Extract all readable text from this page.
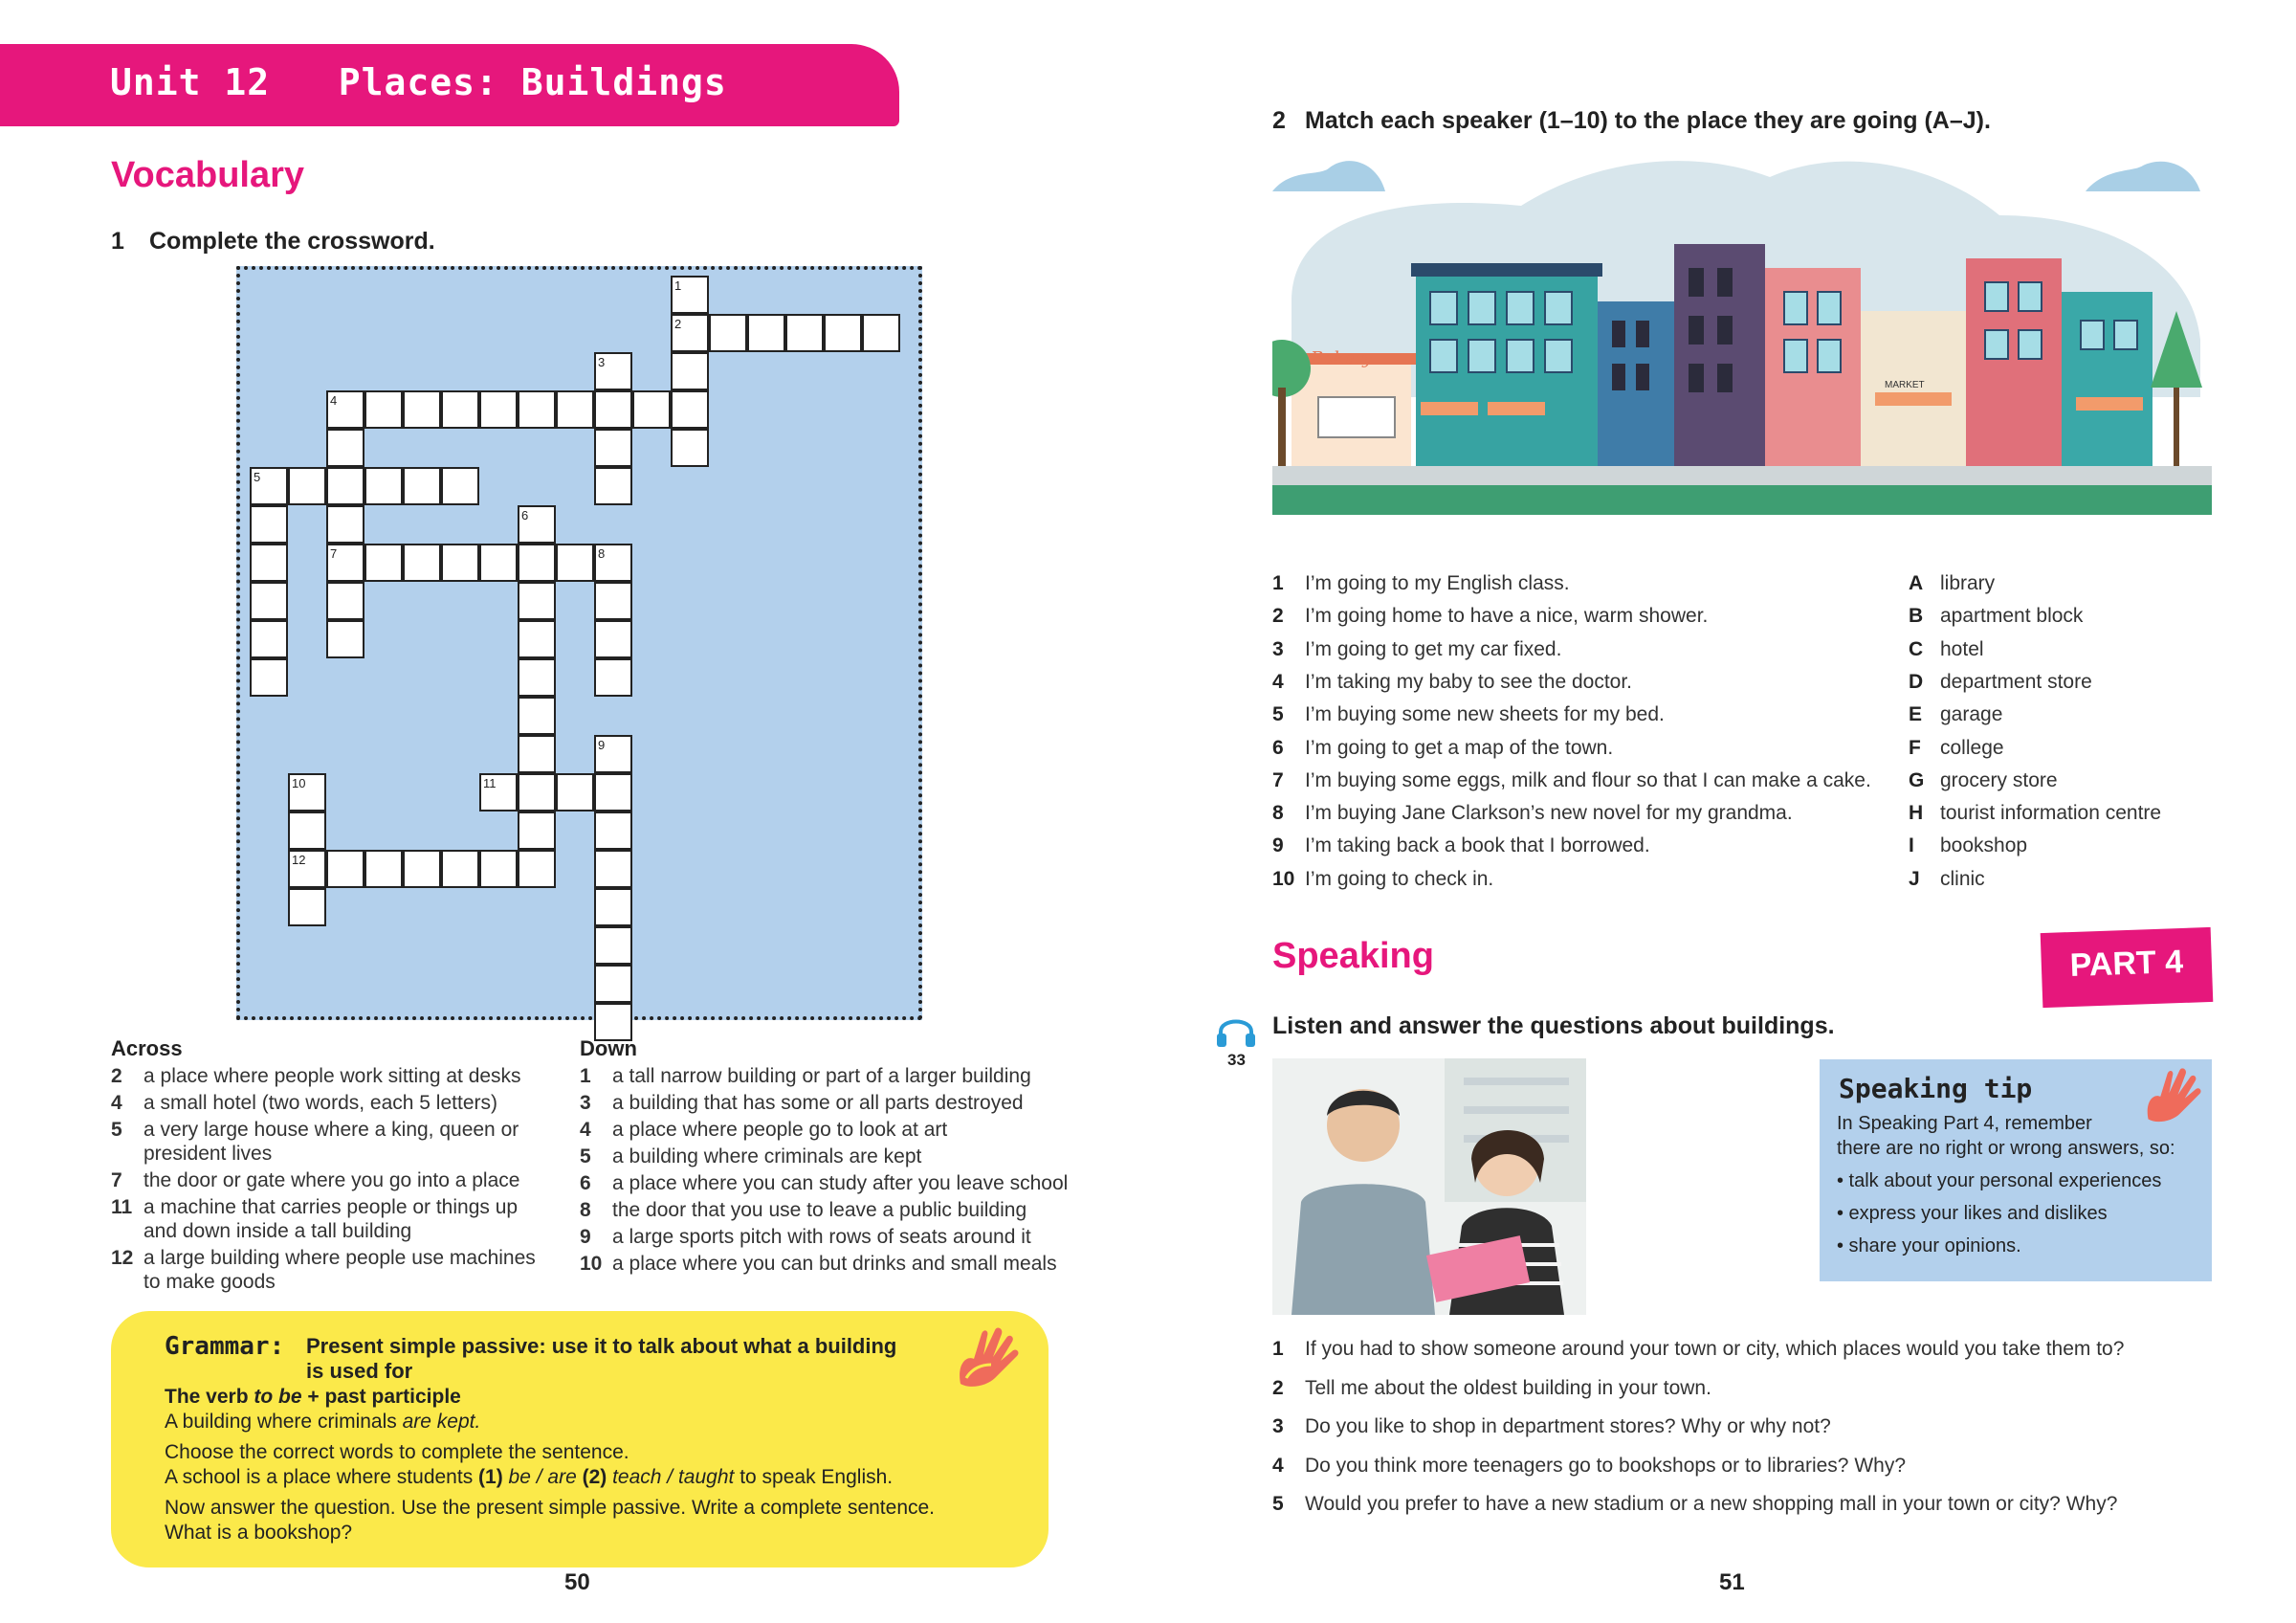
Unit 12   Places: Buildings
Vocabulary
1 Complete the crossword.
1
2
3
4
5
6
7	8
9
10	11
12
Across
2 a place where people work sitting at desks
4 a small hotel (two words, each 5 letters)
5 a very large house where a king, queen or
president lives
7 the door or gate where you go into a place
11 a machine that carries people or things up
and down inside a tall building
12 a large building where people use machines
to make goods
Down
1 a tall narrow building or part of a larger building
3 a building that has some or all parts destroyed
4 a place where people go to look at art
5 a building where criminals are kept
6 a place where you can study after you leave school
8 the door that you use to leave a public building
9 a large sports pitch with rows of seats around it
10 a place where you can but drinks and small meals
Grammar: Present simple passive: use it to talk about what a building
is used for
The verb to be + past participle
A building where criminals are kept.
Choose the correct words to complete the sentence.
A school is a place where students (1) be / are (2) teach / taught to speak English.
Now answer the question. Use the present simple passive. Write a complete sentence.
What is a bookshop?
50
2 Match each speaker (1–10) to the place they are going (A–J).
Bakery
MARKET
1 I’m going to my English class.
2 I’m going home to have a nice, warm shower.
3 I’m going to get my car fixed.
4 I’m taking my baby to see the doctor.
5 I’m buying some new sheets for my bed.
6 I’m going to get a map of the town.
7 I’m buying some eggs, milk and flour so that I can make a cake.
8 I’m buying Jane Clarkson’s new novel for my grandma.
9 I’m taking back a book that I borrowed.
10 I’m going to check in.
A library
B apartment block
C hotel
D department store
E garage
F college
G grocery store
H tourist information centre
I bookshop
J clinic
Speaking	PART 4
33
Listen and answer the questions about buildings.
Speaking tip
In Speaking Part 4, remember
there are no right or wrong answers, so:
• talk about your personal experiences
• express your likes and dislikes
• share your opinions.
1 If you had to show someone around your town or city, which places would you take them to?
2 Tell me about the oldest building in your town.
3 Do you like to shop in department stores? Why or why not?
4 Do you think more teenagers go to bookshops or to libraries? Why?
5 Would you prefer to have a new stadium or a new shopping mall in your town or city? Why?
51
